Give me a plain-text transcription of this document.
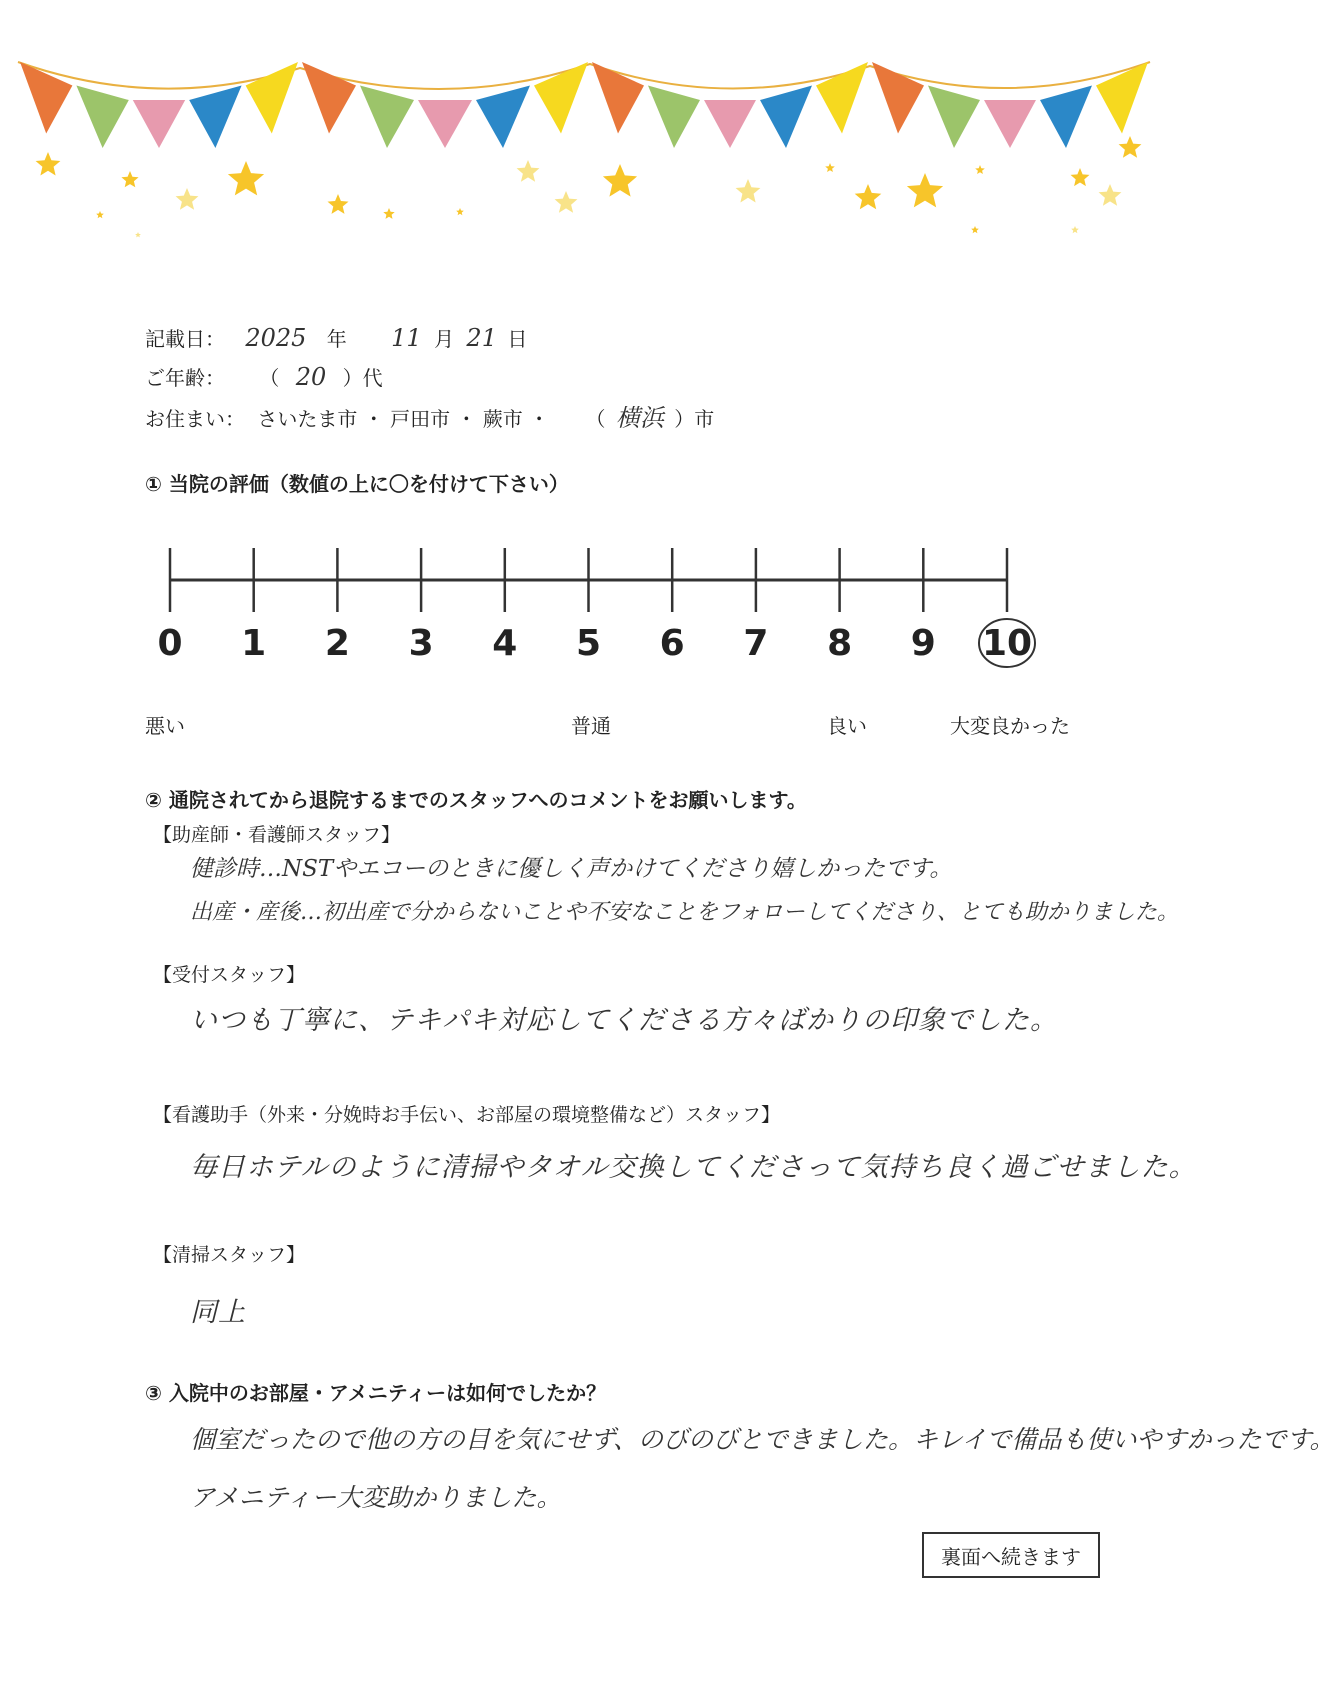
記載日： 2025 年 11 月 21 日
ご年齢： （ 20 ）代
お住まい： さいたま市 ・ 戸田市 ・ 蕨市 ・ （ 横浜 ）市
① 当院の評価（数値の上に〇を付けて下さい）
0 1 2 3 4 5 6 7 8 9 10
悪い	普通	良い	大変良かった
② 通院されてから退院するまでのスタッフへのコメントをお願いします。
【助産師・看護師スタッフ】
健診時…NSTやエコーのときに優しく声かけてくださり嬉しかったです。
出産・産後…初出産で分からないことや不安なことをフォローしてくださり、とても助かりました。
【受付スタッフ】
いつも丁寧に、テキパキ対応してくださる方々ばかりの印象でした。
【看護助手（外来・分娩時お手伝い、お部屋の環境整備など）スタッフ】
毎日ホテルのように清掃やタオル交換してくださって気持ち良く過ごせました。
【清掃スタッフ】
同上
③ 入院中のお部屋・アメニティーは如何でしたか？
個室だったので他の方の目を気にせず、のびのびとできました。キレイで備品も使いやすかったです。
アメニティー大変助かりました。
裏面へ続きます
